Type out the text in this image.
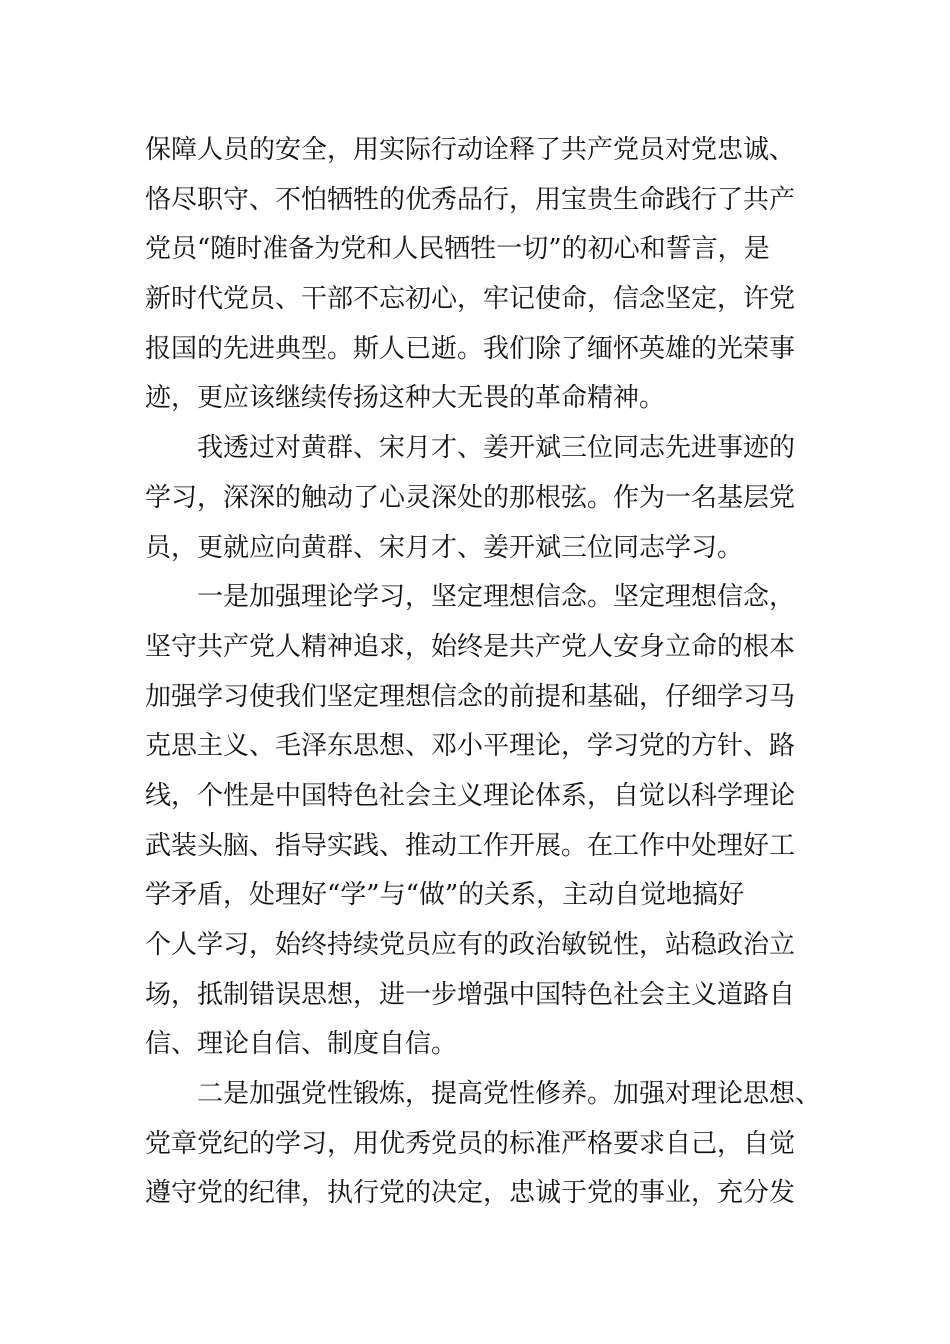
保障人员的安全，用实际行动诠释了共产党员对党忠诚、
恪尽职守、不怕牺牲的优秀品行，用宝贵生命践行了共产
党员“随时准备为党和人民牺牲一切”的初心和誓言，是
新时代党员、干部不忘初心，牢记使命，信念坚定，许党
报国的先进典型。斯人已逝。我们除了缅怀英雄的光荣事
迹，更应该继续传扬这种大无畏的革命精神。
我透过对黄群、宋月才、姜开斌三位同志先进事迹的
学习，深深的触动了心灵深处的那根弦。作为一名基层党
员，更就应向黄群、宋月才、姜开斌三位同志学习。
一是加强理论学习，坚定理想信念。坚定理想信念，
坚守共产党人精神追求，始终是共产党人安身立命的根本
加强学习使我们坚定理想信念的前提和基础，仔细学习马
克思主义、毛泽东思想、邓小平理论，学习党的方针、路
线，个性是中国特色社会主义理论体系，自觉以科学理论
武装头脑、指导实践、推动工作开展。在工作中处理好工
学矛盾，处理好“学”与“做”的关系，主动自觉地搞好
个人学习，始终持续党员应有的政治敏锐性，站稳政治立
场，抵制错误思想，进一步增强中国特色社会主义道路自
信、理论自信、制度自信。
二是加强党性锻炼，提高党性修养。加强对理论思想、
党章党纪的学习，用优秀党员的标准严格要求自己，自觉
遵守党的纪律，执行党的决定，忠诚于党的事业，充分发
